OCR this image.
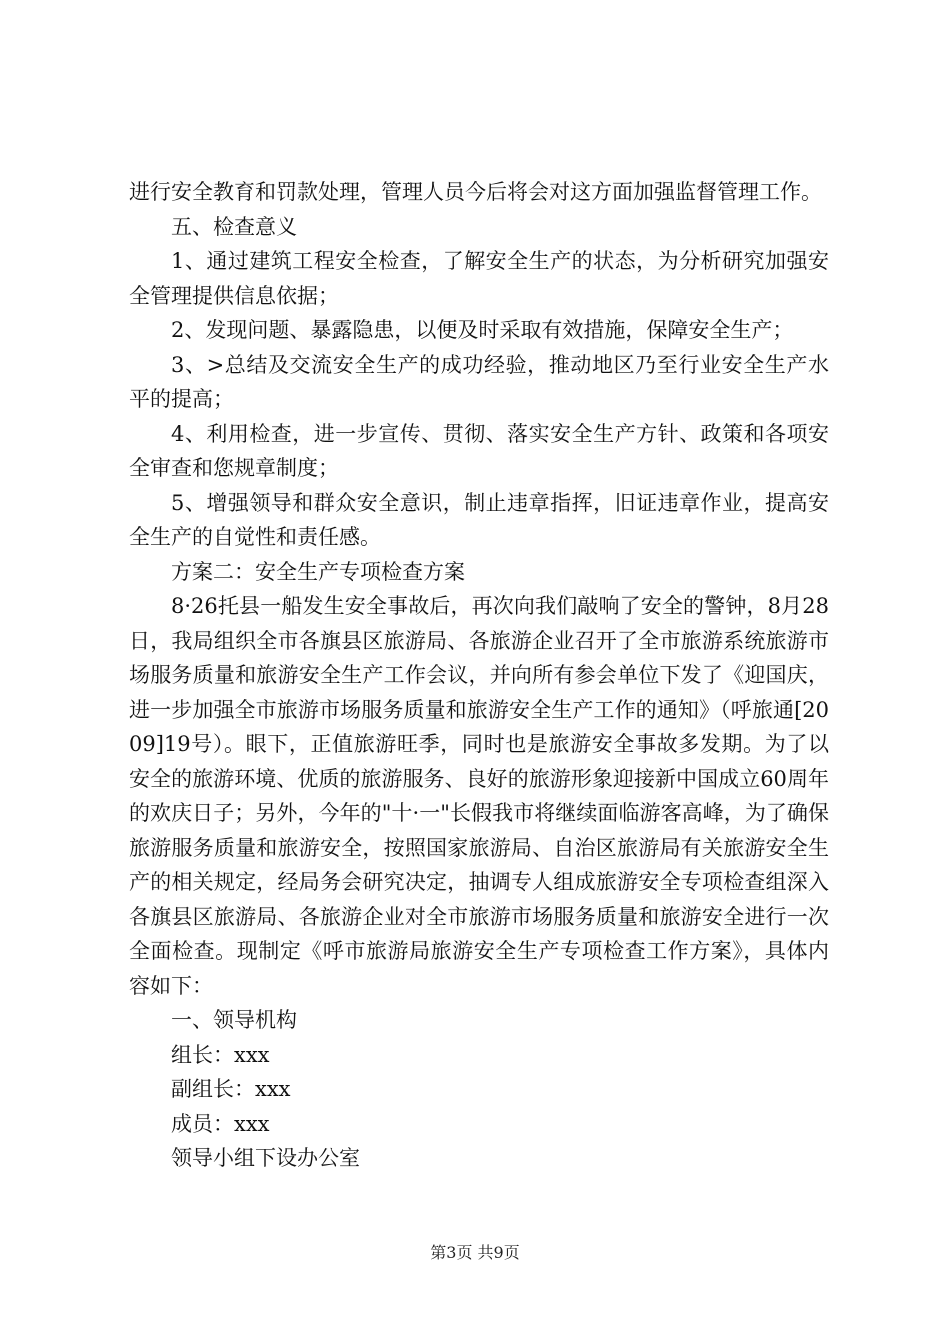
进行安全教育和罚款处理，管理人员今后将会对这方面加强监督管理工作。

五、检查意义

1、通过建筑工程安全检查，了解安全生产的状态，为分析研究加强安全管理提供信息依据；

2、发现问题、暴露隐患，以便及时采取有效措施，保障安全生产；

3、>总结及交流安全生产的成功经验，推动地区乃至行业安全生产水平的提高；

4、利用检查，进一步宣传、贯彻、落实安全生产方针、政策和各项安全审查和您规章制度；

5、增强领导和群众安全意识，制止违章指挥，旧证违章作业，提高安全生产的自觉性和责任感。

方案二：安全生产专项检查方案

8·26托县一船发生安全事故后，再次向我们敲响了安全的警钟，8月28日，我局组织全市各旗县区旅游局、各旅游企业召开了全市旅游系统旅游市场服务质量和旅游安全生产工作会议，并向所有参会单位下发了《迎国庆，进一步加强全市旅游市场服务质量和旅游安全生产工作的通知》（呼旅通[2009]19号）。眼下，正值旅游旺季，同时也是旅游安全事故多发期。为了以安全的旅游环境、优质的旅游服务、良好的旅游形象迎接新中国成立60周年的欢庆日子；另外，今年的"十·一"长假我市将继续面临游客高峰，为了确保旅游服务质量和旅游安全，按照国家旅游局、自治区旅游局有关旅游安全生产的相关规定，经局务会研究决定，抽调专人组成旅游安全专项检查组深入各旗县区旅游局、各旅游企业对全市旅游市场服务质量和旅游安全进行一次全面检查。现制定《呼市旅游局旅游安全生产专项检查工作方案》，具体内容如下：

一、领导机构

组长：xxx

副组长：xxx

成员：xxx

领导小组下设办公室

第3页 共9页
